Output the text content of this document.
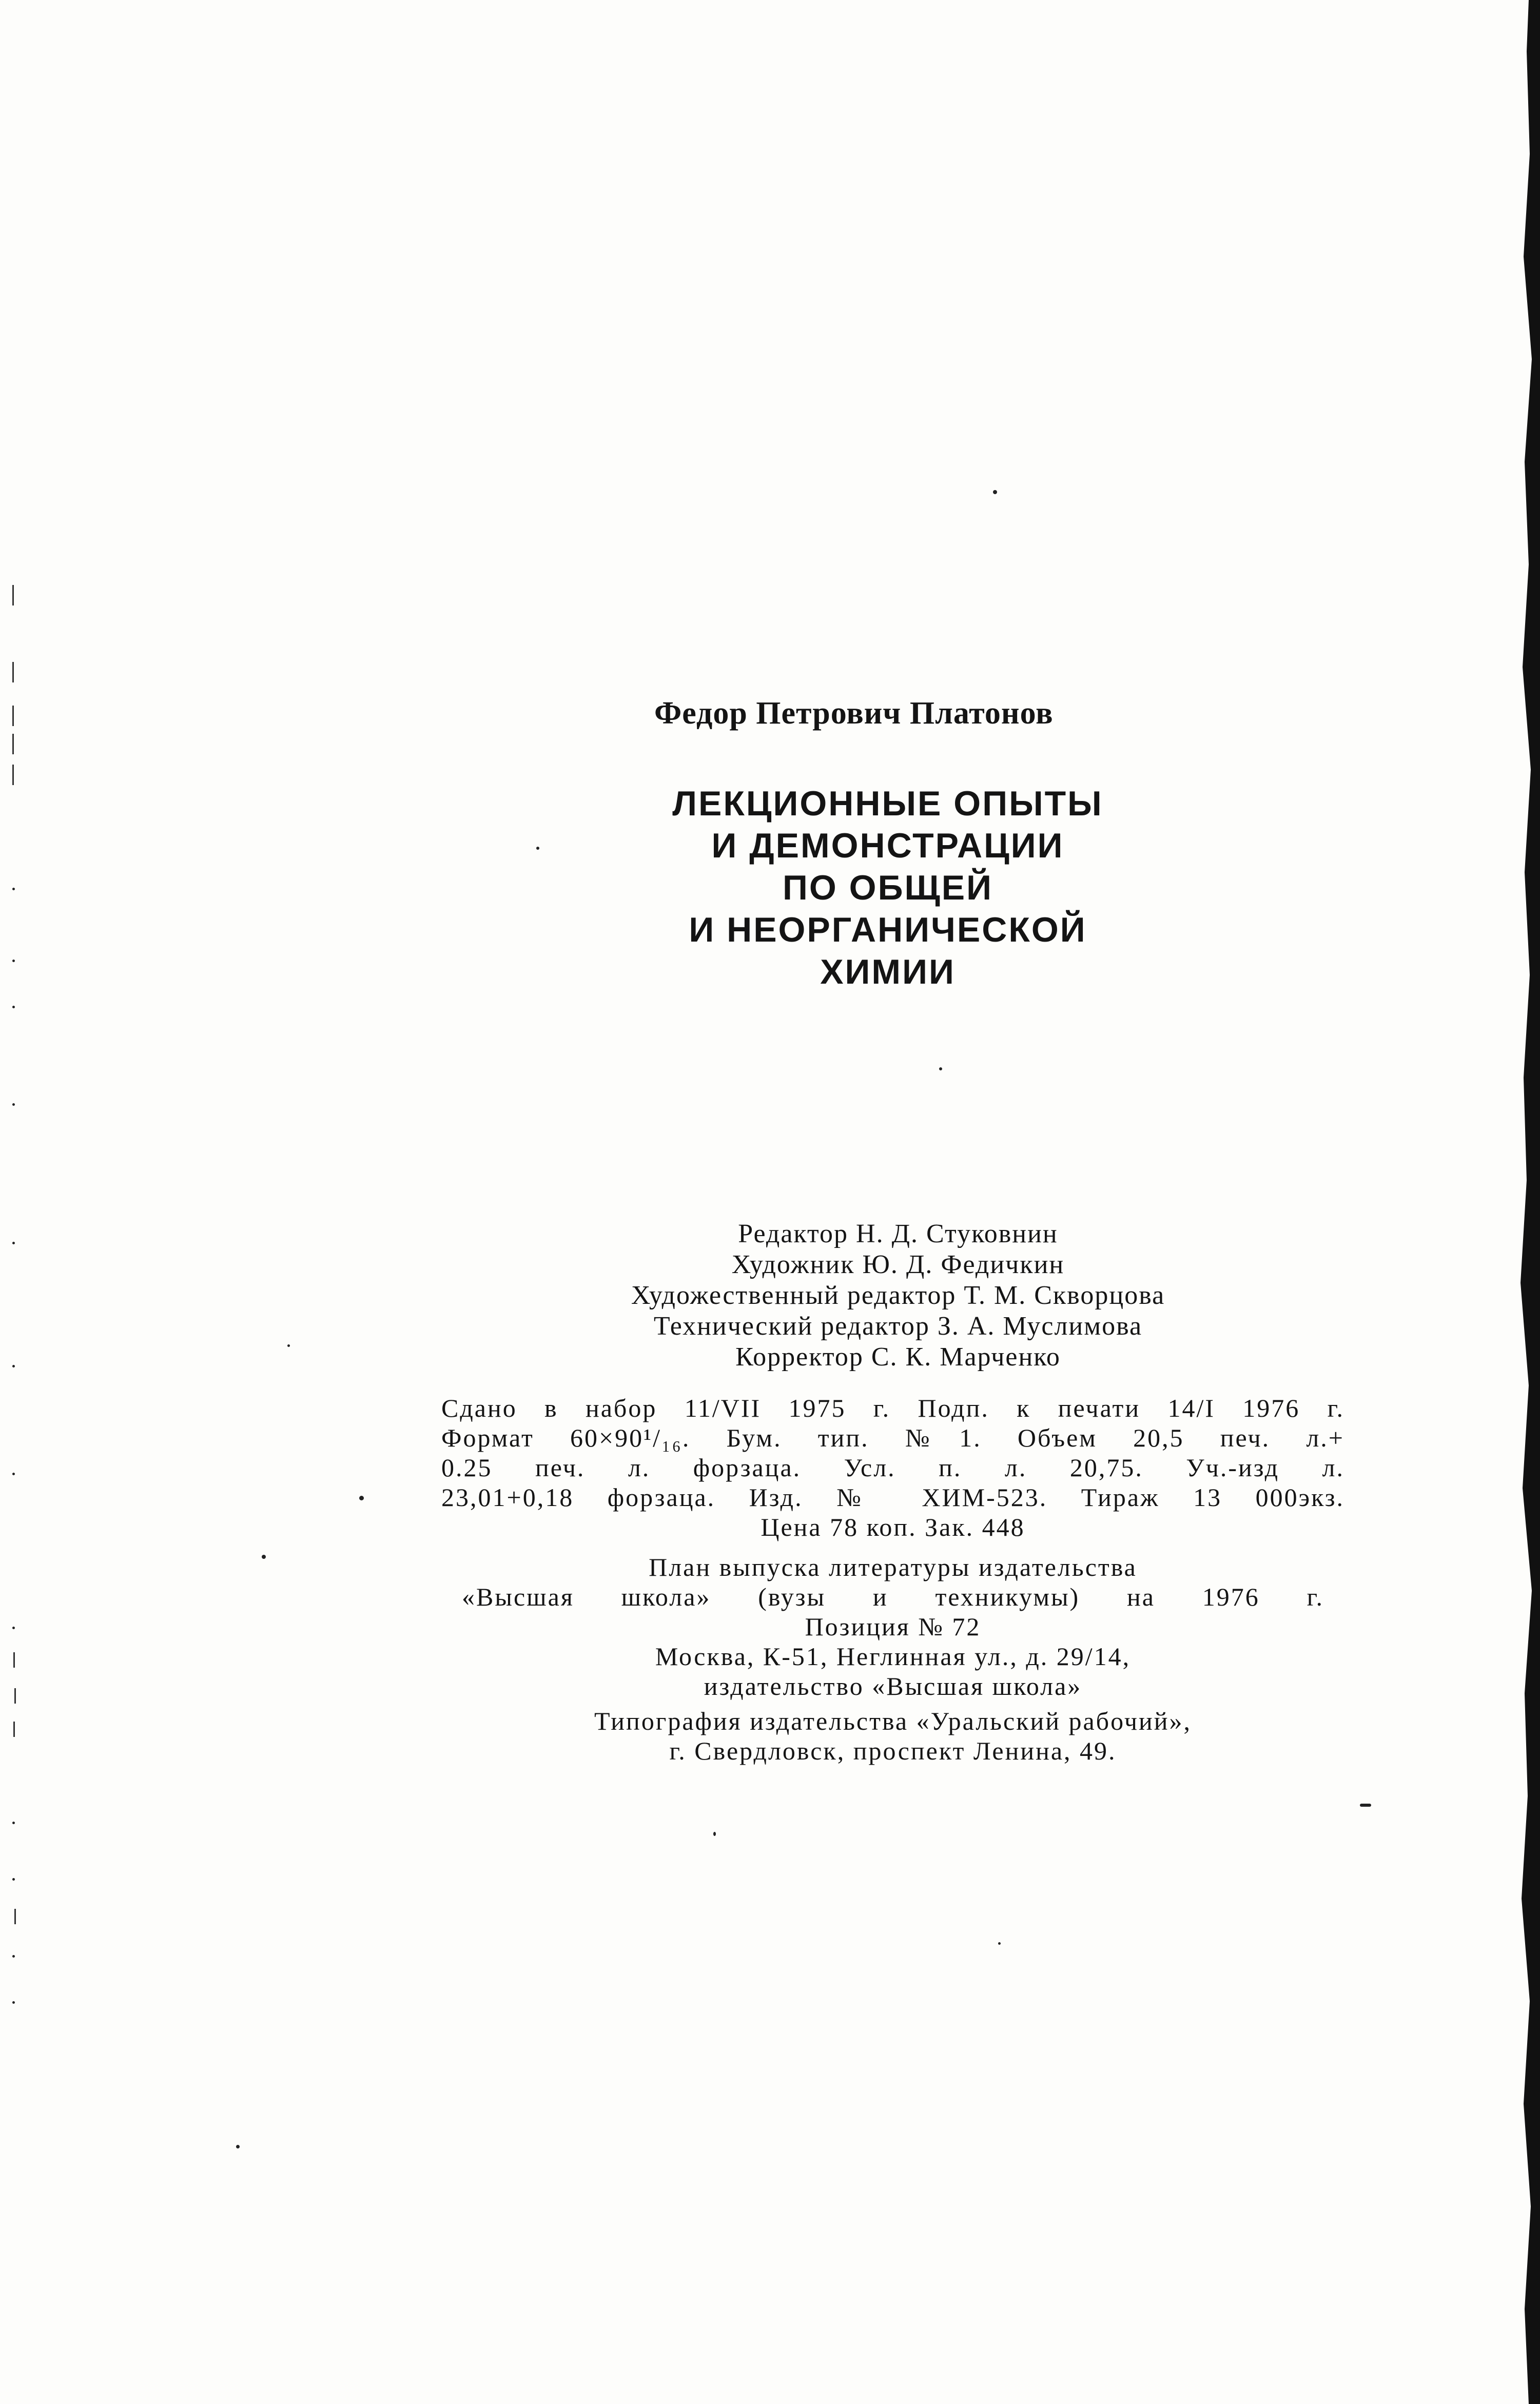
Федор Петрович Платонов
ЛЕКЦИОННЫЕ ОПЫТЫ
И ДЕМОНСТРАЦИИ
ПО ОБЩЕЙ
И НЕОРГАНИЧЕСКОЙ
ХИМИИ
Редактор Н. Д. Стуковнин
Художник Ю. Д. Федичкин
Художественный редактор Т. М. Скворцова
Технический редактор З. А. Муслимова
Корректор С. К. Марченко
Сдано в набор 11/VII 1975 г. Подп. к печати 14/I 1976 г.
Формат 60×90¹/₁₆. Бум. тип. №1. Объем 20,5 печ. л.+
0.25 печ. л. форзаца. Усл. п. л. 20,75. Уч.-изд л.
23,01+0,18 форзаца. Изд. № ХИМ-523. Тираж 13 000экз.
Цена 78 коп. Зак. 448
План выпуска литературы издательства
«Высшая школа» (вузы и техникумы) на 1976 г.
Позиция № 72
Москва, К-51, Неглинная ул., д. 29/14,
издательство «Высшая школа»
Типография издательства «Уральский рабочий»,
г. Свердловск, проспект Ленина, 49.
